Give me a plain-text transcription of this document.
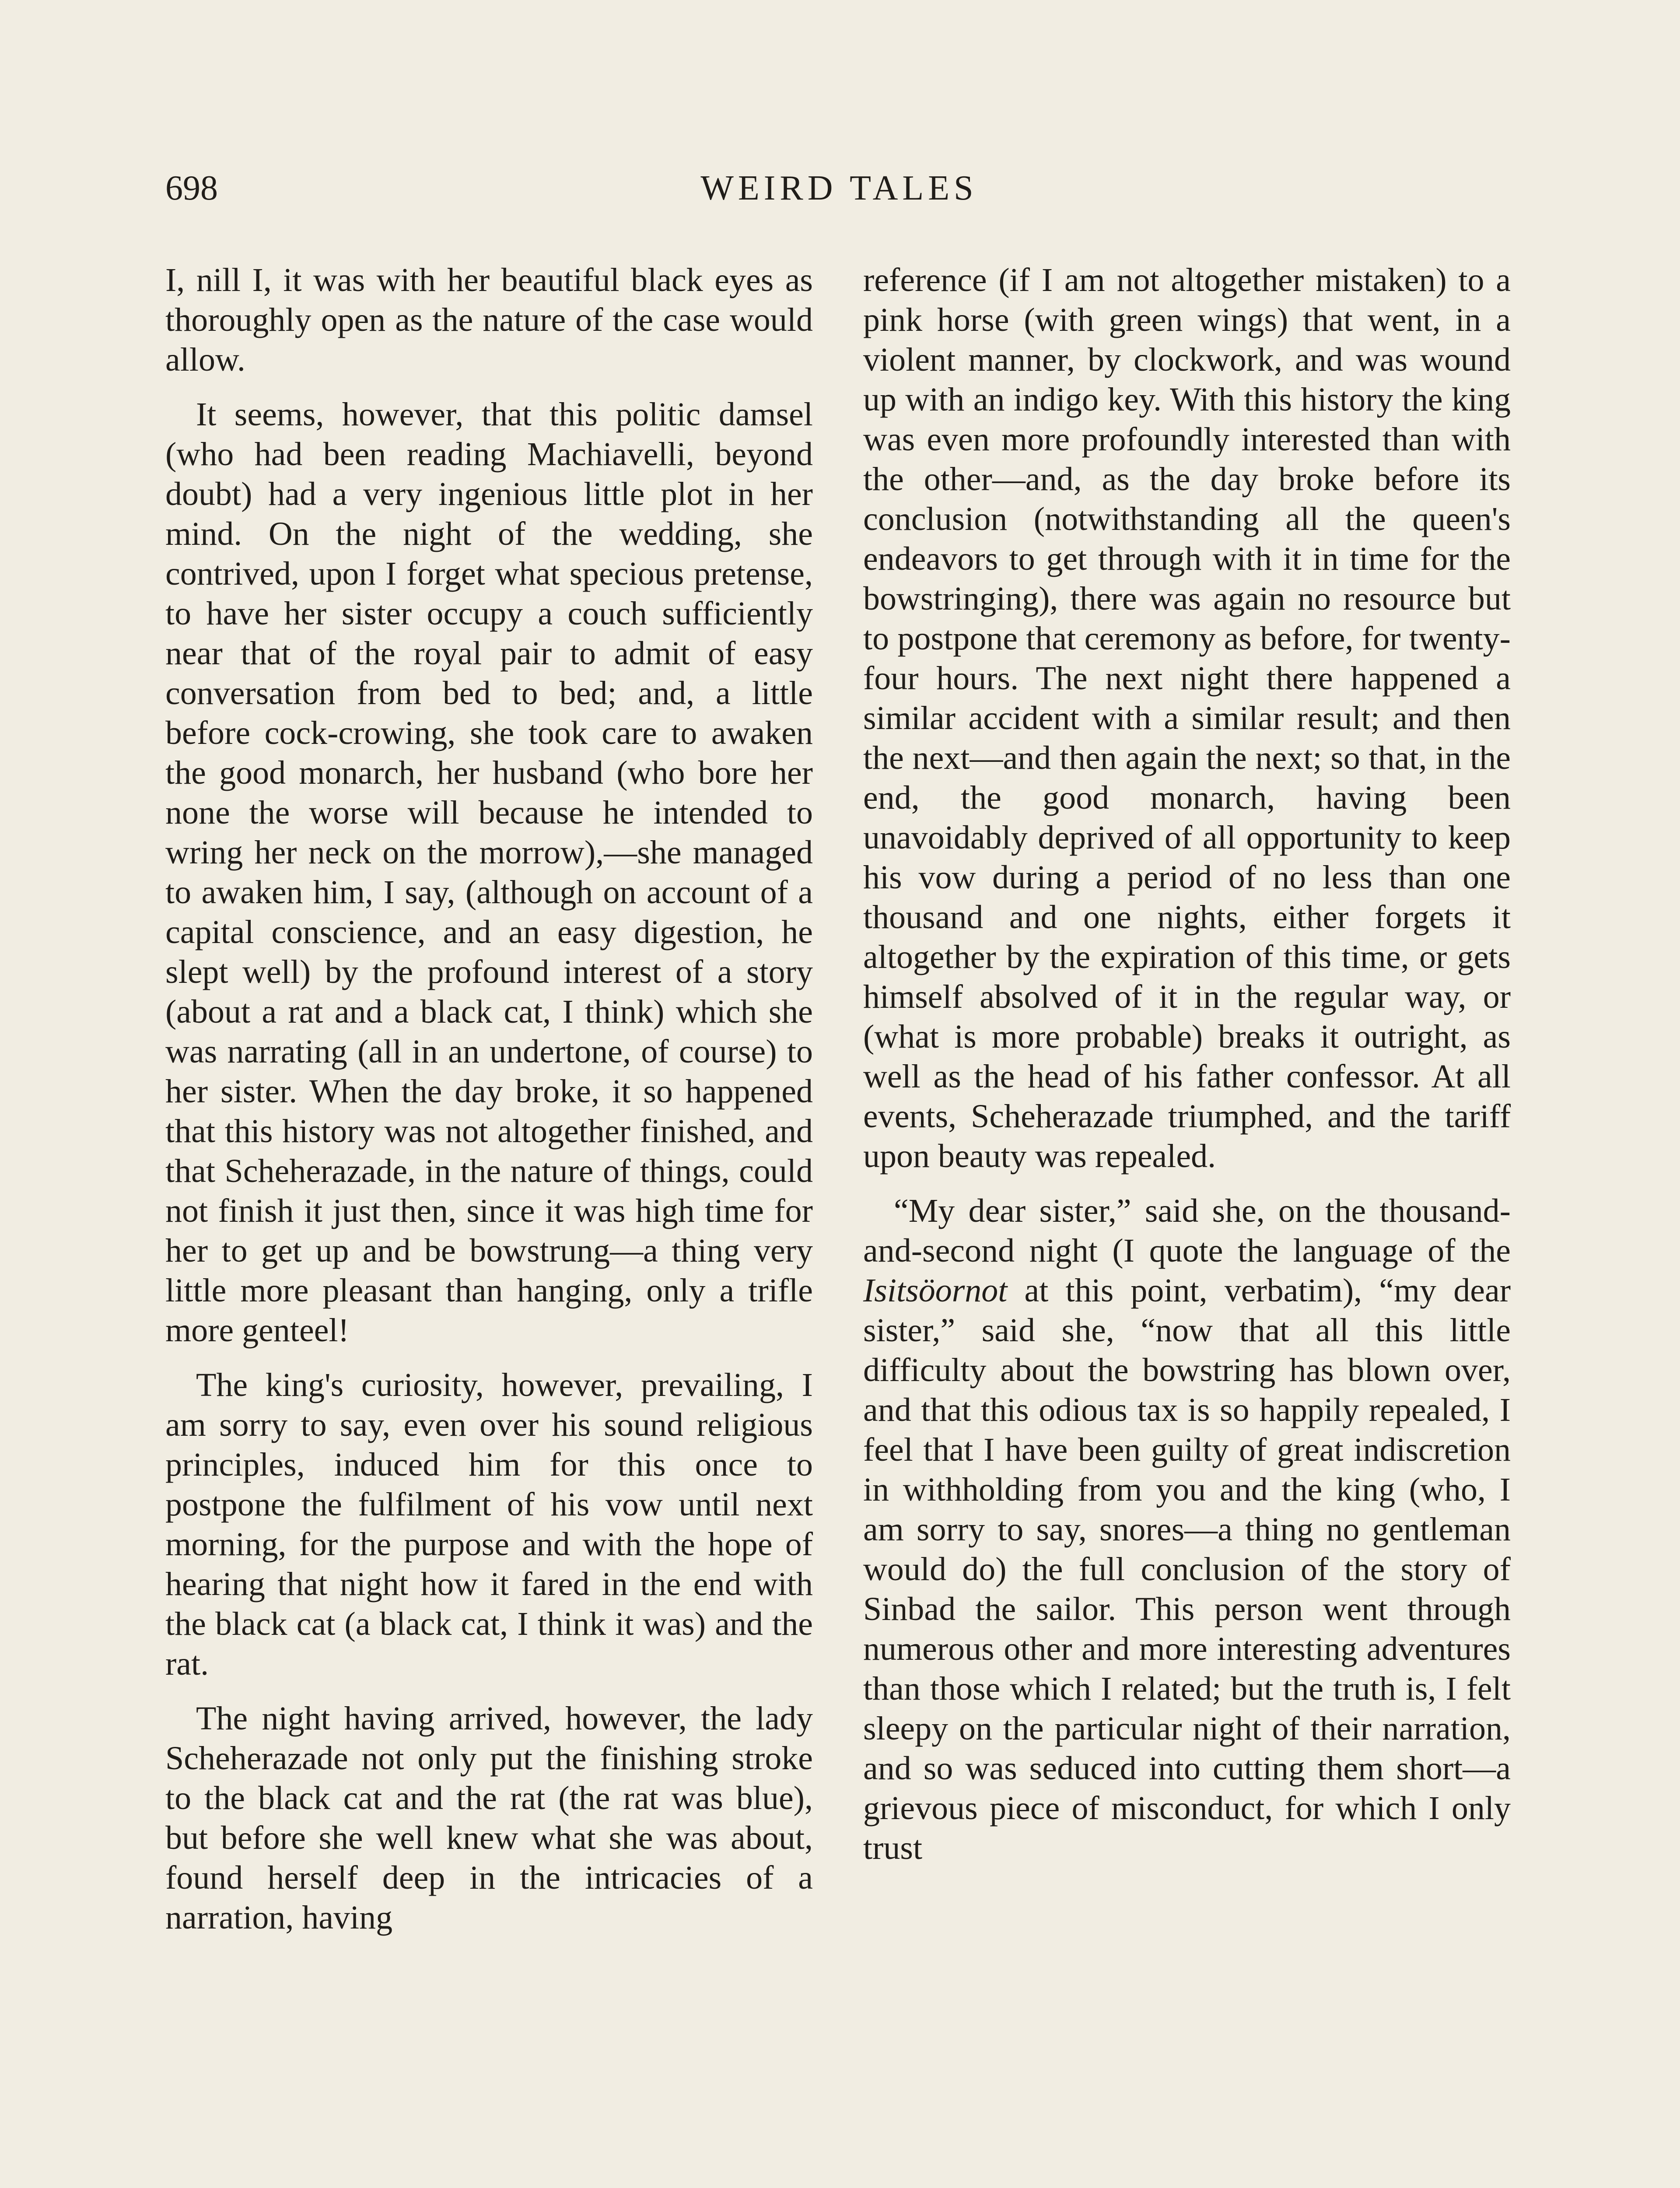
698	WEIRD TALES

I, nill I, it was with her beautiful black eyes as thoroughly open as the nature of the case would allow.

It seems, however, that this politic damsel (who had been reading Machiavelli, beyond doubt) had a very ingenious little plot in her mind. On the night of the wedding, she contrived, upon I forget what specious pretense, to have her sister occupy a couch sufficiently near that of the royal pair to admit of easy conversation from bed to bed; and, a little before cock-crowing, she took care to awaken the good monarch, her husband (who bore her none the worse will because he intended to wring her neck on the morrow),—she managed to awaken him, I say, (although on account of a capital conscience, and an easy digestion, he slept well) by the profound interest of a story (about a rat and a black cat, I think) which she was narrating (all in an undertone, of course) to her sister. When the day broke, it so happened that this history was not altogether finished, and that Scheherazade, in the nature of things, could not finish it just then, since it was high time for her to get up and be bowstrung—a thing very little more pleasant than hanging, only a trifle more genteel!

The king's curiosity, however, prevailing, I am sorry to say, even over his sound religious principles, induced him for this once to postpone the fulfilment of his vow until next morning, for the purpose and with the hope of hearing that night how it fared in the end with the black cat (a black cat, I think it was) and the rat.

The night having arrived, however, the lady Scheherazade not only put the finishing stroke to the black cat and the rat (the rat was blue), but before she well knew what she was about, found herself deep in the intricacies of a narration, having

reference (if I am not altogether mistaken) to a pink horse (with green wings) that went, in a violent manner, by clockwork, and was wound up with an indigo key. With this history the king was even more profoundly interested than with the other—and, as the day broke before its conclusion (notwithstanding all the queen's endeavors to get through with it in time for the bowstringing), there was again no resource but to postpone that ceremony as before, for twenty-four hours. The next night there happened a similar accident with a similar result; and then the next—and then again the next; so that, in the end, the good monarch, having been unavoidably deprived of all opportunity to keep his vow during a period of no less than one thousand and one nights, either forgets it altogether by the expiration of this time, or gets himself absolved of it in the regular way, or (what is more probable) breaks it outright, as well as the head of his father confessor. At all events, Scheherazade triumphed, and the tariff upon beauty was repealed.

“My dear sister,” said she, on the thousand-and-second night (I quote the language of the Isitsöornot at this point, verbatim), “my dear sister,” said she, “now that all this little difficulty about the bowstring has blown over, and that this odious tax is so happily repealed, I feel that I have been guilty of great indiscretion in withholding from you and the king (who, I am sorry to say, snores—a thing no gentleman would do) the full conclusion of the story of Sinbad the sailor. This person went through numerous other and more interesting adventures than those which I related; but the truth is, I felt sleepy on the particular night of their narration, and so was seduced into cutting them short—a grievous piece of misconduct, for which I only trust
